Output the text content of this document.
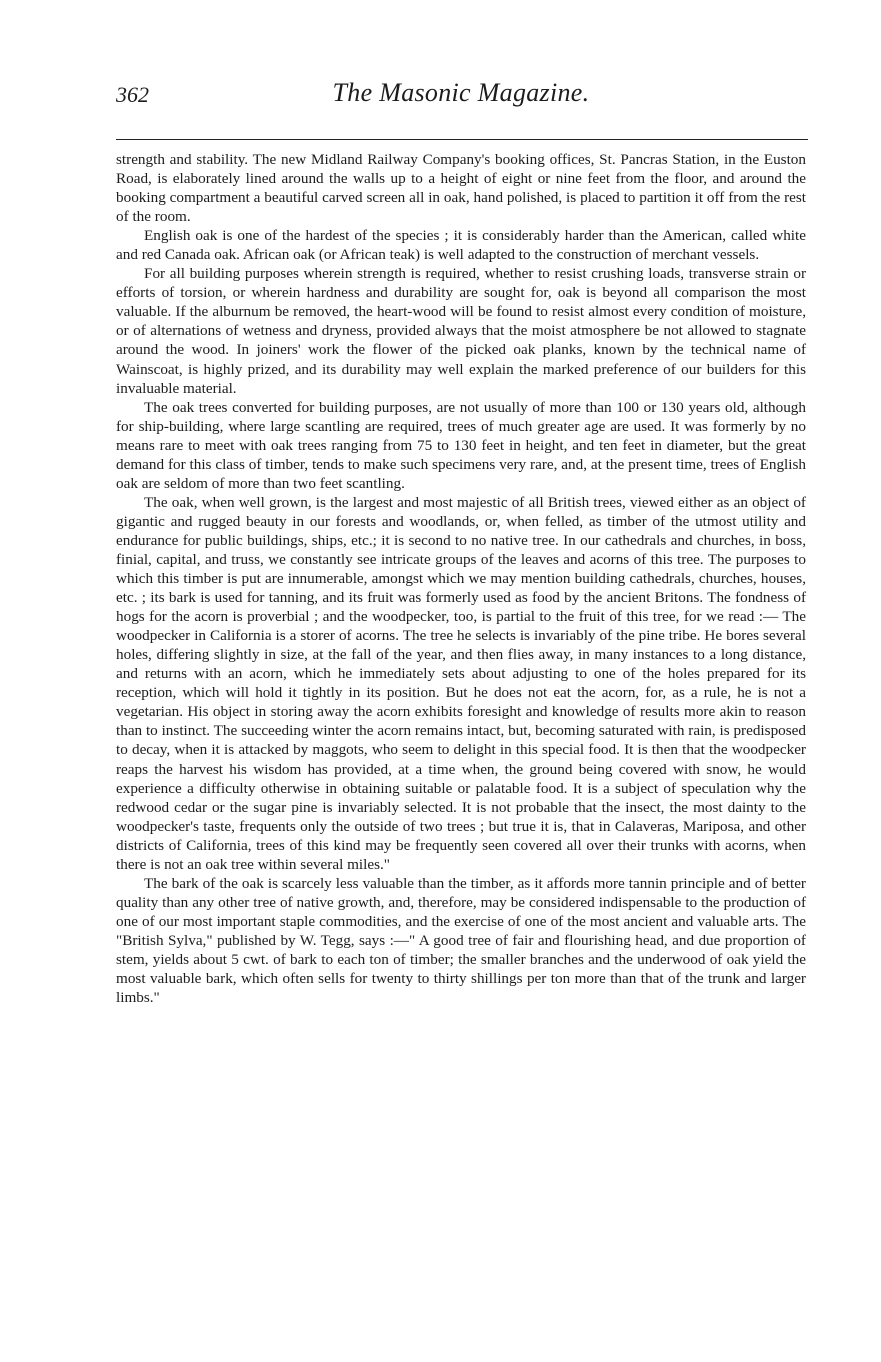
362	The Masonic Magazine.

strength and stability. The new Midland Railway Company's booking offices, St. Pancras Station, in the Euston Road, is elaborately lined around the walls up to a height of eight or nine feet from the floor, and around the booking compartment a beautiful carved screen all in oak, hand polished, is placed to partition it off from the rest of the room.

English oak is one of the hardest of the species ; it is considerably harder than the American, called white and red Canada oak. African oak (or African teak) is well adapted to the construction of merchant vessels.

For all building purposes wherein strength is required, whether to resist crushing loads, transverse strain or efforts of torsion, or wherein hardness and durability are sought for, oak is beyond all comparison the most valuable. If the alburnum be removed, the heart-wood will be found to resist almost every condition of moisture, or of alternations of wetness and dryness, provided always that the moist atmosphere be not allowed to stagnate around the wood. In joiners' work the flower of the picked oak planks, known by the technical name of Wainscoat, is highly prized, and its durability may well explain the marked preference of our builders for this invaluable material.

The oak trees converted for building purposes, are not usually of more than 100 or 130 years old, although for ship-building, where large scantling are required, trees of much greater age are used. It was formerly by no means rare to meet with oak trees ranging from 75 to 130 feet in height, and ten feet in diameter, but the great demand for this class of timber, tends to make such specimens very rare, and, at the present time, trees of English oak are seldom of more than two feet scantling.

The oak, when well grown, is the largest and most majestic of all British trees, viewed either as an object of gigantic and rugged beauty in our forests and woodlands, or, when felled, as timber of the utmost utility and endurance for public buildings, ships, etc.; it is second to no native tree. In our cathedrals and churches, in boss, finial, capital, and truss, we constantly see intricate groups of the leaves and acorns of this tree. The purposes to which this timber is put are innumerable, amongst which we may mention building cathedrals, churches, houses, etc. ; its bark is used for tanning, and its fruit was formerly used as food by the ancient Britons. The fondness of hogs for the acorn is proverbial ; and the woodpecker, too, is partial to the fruit of this tree, for we read :— The woodpecker in California is a storer of acorns. The tree he selects is invariably of the pine tribe. He bores several holes, differing slightly in size, at the fall of the year, and then flies away, in many instances to a long distance, and returns with an acorn, which he immediately sets about adjusting to one of the holes prepared for its reception, which will hold it tightly in its position. But he does not eat the acorn, for, as a rule, he is not a vegetarian. His object in storing away the acorn exhibits foresight and knowledge of results more akin to reason than to instinct. The succeeding winter the acorn remains intact, but, becoming saturated with rain, is predisposed to decay, when it is attacked by maggots, who seem to delight in this special food. It is then that the woodpecker reaps the harvest his wisdom has provided, at a time when, the ground being covered with snow, he would experience a difficulty otherwise in obtaining suitable or palatable food. It is a subject of speculation why the redwood cedar or the sugar pine is invariably selected. It is not probable that the insect, the most dainty to the woodpecker's taste, frequents only the outside of two trees ; but true it is, that in Calaveras, Mariposa, and other districts of California, trees of this kind may be frequently seen covered all over their trunks with acorns, when there is not an oak tree within several miles."

The bark of the oak is scarcely less valuable than the timber, as it affords more tannin principle and of better quality than any other tree of native growth, and, therefore, may be considered indispensable to the production of one of our most important staple commodities, and the exercise of one of the most ancient and valuable arts. The "British Sylva," published by W. Tegg, says :—" A good tree of fair and flourishing head, and due proportion of stem, yields about 5 cwt. of bark to each ton of timber; the smaller branches and the underwood of oak yield the most valuable bark, which often sells for twenty to thirty shillings per ton more than that of the trunk and larger limbs."
